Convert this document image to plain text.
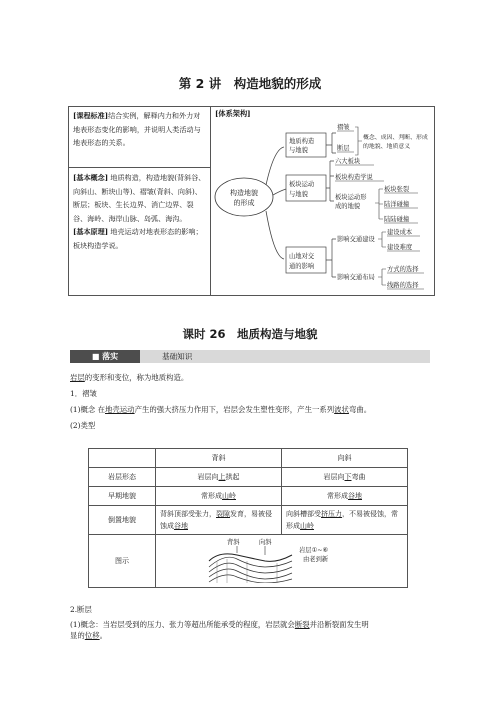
第 2 讲　构造地貌的形成
[课程标准]结合实例，解释内力和外力对地表形态变化的影响，并说明人类活动与地表形态的关系。
[基本概念] 地质构造，构造地貌(背斜谷、向斜山、断块山等)、褶皱(背斜、向斜)、断层；板块、生长边界、消亡边界、裂谷、海岭、海岸山脉、岛弧、海沟。
[基本原理] 地壳运动对地表形态的影响；板块构造学说。
[体系架构]
构造地貌
的形成
地质构造
与地貌
褶皱
断层
概念、成因、判断、形成
的地貌、地质意义
板块运动
与地貌
六大板块
板块构造学说
板块运动形
成的地貌
板块张裂
陆洋碰撞
陆陆碰撞
山地对交
通的影响
影响交通建设
建设成本
建设难度
影响交通布局
方式的选择
线路的选择
课时 26　地质构造与地貌
■ 落实	基础知识
岩层的变形和变位，称为地质构造。
1．褶皱
(1)概念 在地壳运动产生的强大挤压力作用下，岩层会发生塑性变形，产生一系列波状弯曲。
(2)类型
	背斜	向斜
岩层形态	岩层向上拱起	岩层向下弯曲
早期地貌	常形成山岭	常形成谷地
倒置地貌	背斜顶部受张力，裂隙发育，易被侵蚀成谷地	向斜槽部受挤压力，不易被侵蚀，常形成山岭
图示	背斜 向斜
岩层①~⑥
由老到新	
2.断层
(1)概念：当岩层受到的压力、张力等超出所能承受的程度，岩层就会断裂并沿断裂面发生明
显的位移。
